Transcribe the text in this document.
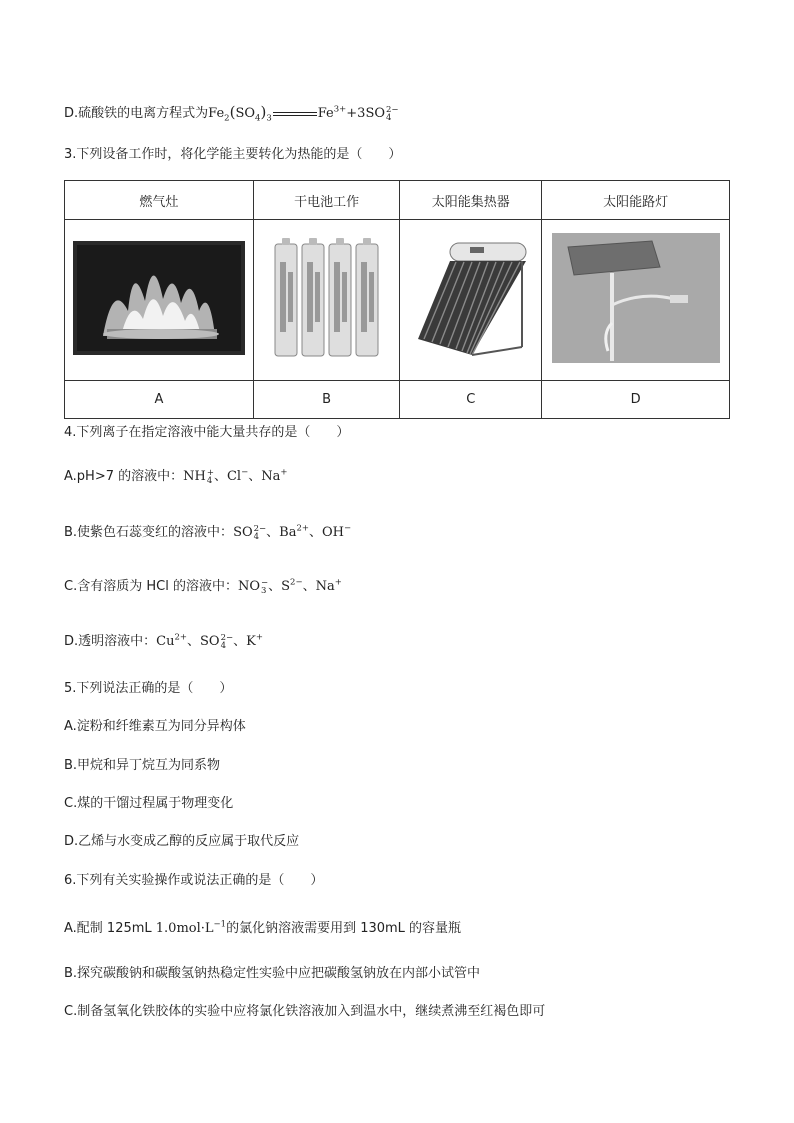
D.硫酸铁的电离方程式为$Fe_2(SO_4)_3$	$Fe^{3+}+3SO$ 2−
4
3.下列设备工作时，将化学能主要转化为热能的是（　　）
燃气灶	干电池工作	太阳能集热器	太阳能路灯

A	B	C	D
4.下列离子在指定溶液中能大量共存的是（　　）
A.pH>7 的溶液中：NH +
4 、Cl−、Na+
B.使紫色石蕊变红的溶液中：SO 2−
4 、$Ba^{2+}$、OH−
C.含有溶质为 HCl 的溶液中：NO −
3 、$S^{2-}$、Na+
D.透明溶液中：$Cu^{2+}$、SO 2−
4 、K+
5.下列说法正确的是（　　）
A.淀粉和纤维素互为同分异构体
B.甲烷和异丁烷互为同系物
C.煤的干馏过程属于物理变化
D.乙烯与水变成乙醇的反应属于取代反应
6.下列有关实验操作或说法正确的是（　　）
A.配制 125mL $1.0mol\cdot L^{-1}$的氯化钠溶液需要用到 130mL 的容量瓶
B.探究碳酸钠和碳酸氢钠热稳定性实验中应把碳酸氢钠放在内部小试管中
C.制备氢氧化铁胶体的实验中应将氯化铁溶液加入到温水中，继续煮沸至红褐色即可
